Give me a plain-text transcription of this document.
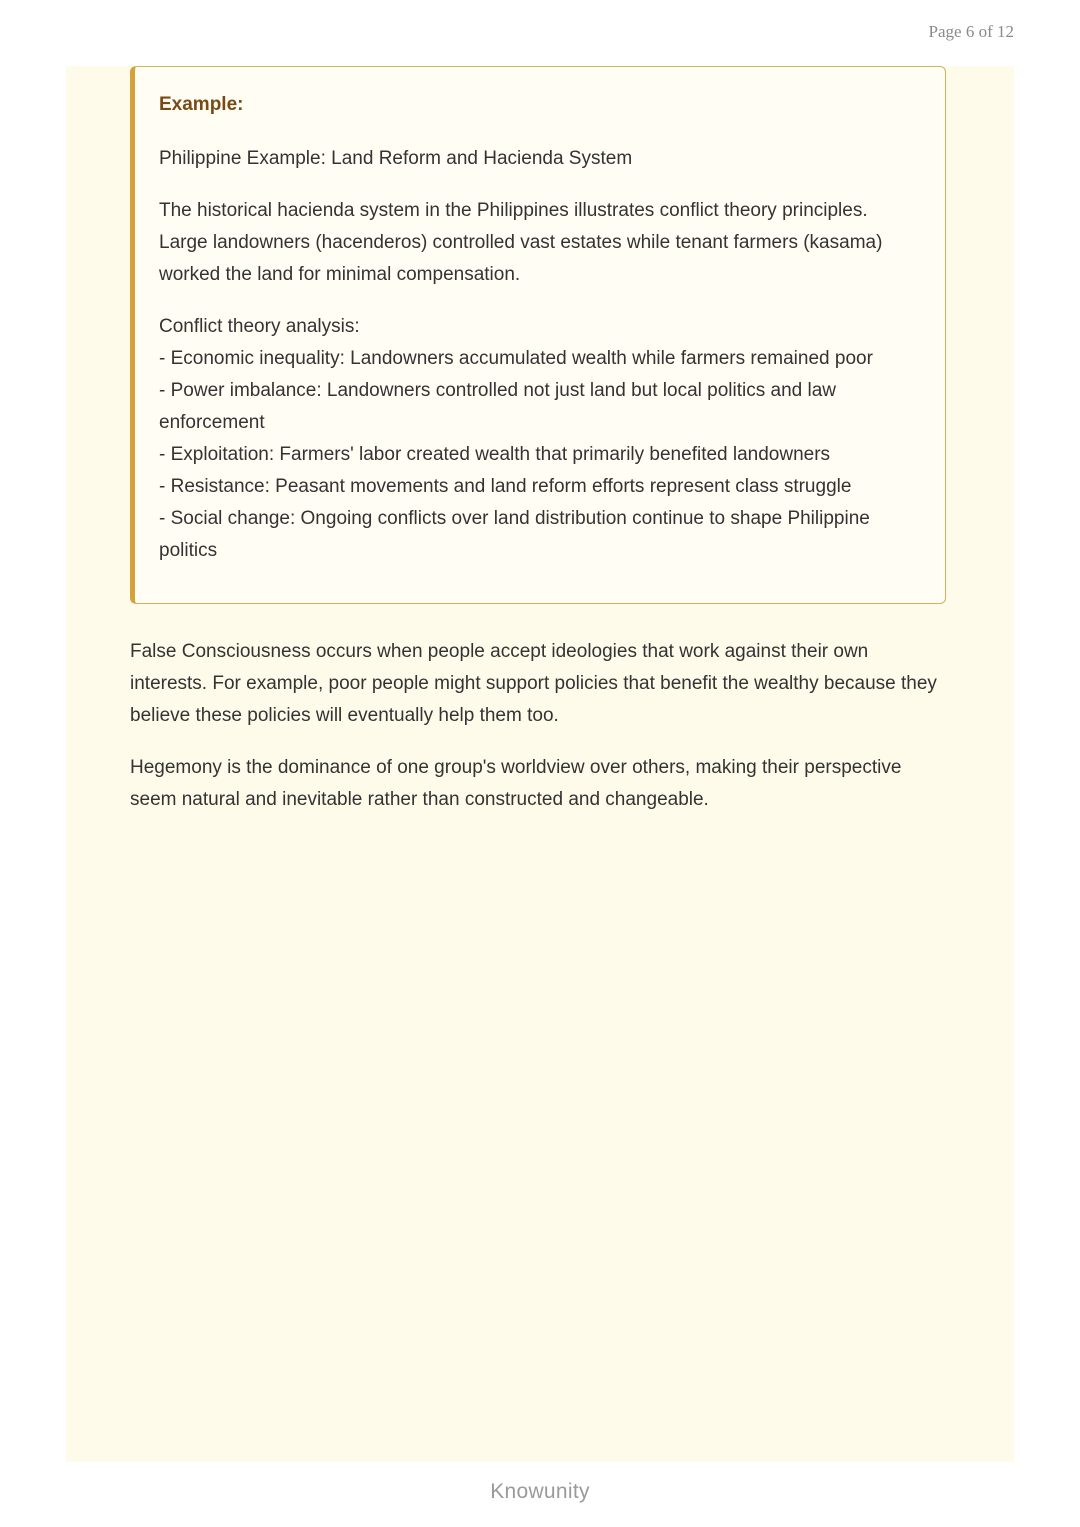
Page 6 of 12
Example:

Philippine Example: Land Reform and Hacienda System

The historical hacienda system in the Philippines illustrates conflict theory principles. Large landowners (hacenderos) controlled vast estates while tenant farmers (kasama) worked the land for minimal compensation.

Conflict theory analysis:

- Economic inequality: Landowners accumulated wealth while farmers remained poor
- Power imbalance: Landowners controlled not just land but local politics and law enforcement
- Exploitation: Farmers' labor created wealth that primarily benefited landowners
- Resistance: Peasant movements and land reform efforts represent class struggle
- Social change: Ongoing conflicts over land distribution continue to shape Philippine politics

False Consciousness occurs when people accept ideologies that work against their own interests. For example, poor people might support policies that benefit the wealthy because they believe these policies will eventually help them too.

Hegemony is the dominance of one group's worldview over others, making their perspective seem natural and inevitable rather than constructed and changeable.

Knowunity
